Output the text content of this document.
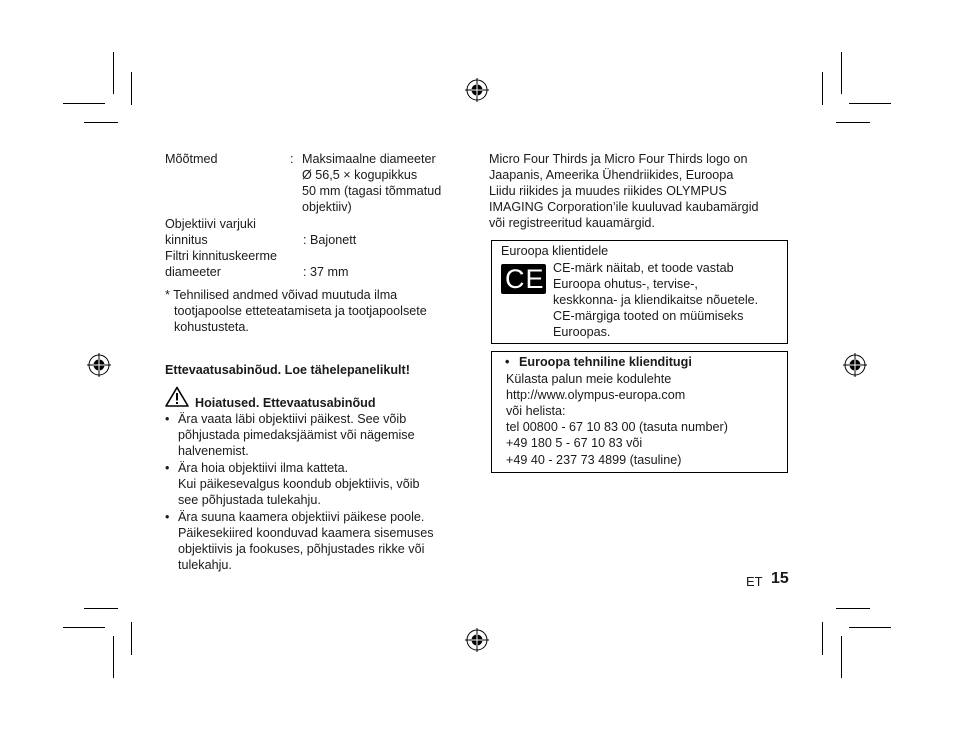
Mõõtmed	: Maksimaalne diameeter
Ø 56,5 × kogupikkus
50 mm (tagasi tõmmatud
objektiiv)
Objektiivi varjuki
kinnitus	: Bajonett
Filtri kinnituskeerme
diameeter	: 37 mm
* Tehnilised andmed võivad muutuda ilma
tootjapoolse etteteatamiseta ja tootjapoolsete
kohustusteta.
Ettevaatusabinõud. Loe tähelepanelikult!
Hoiatused. Ettevaatusabinõud
• Ära vaata läbi objektiivi päikest. See võib
põhjustada pimedaksjäämist või nägemise
halvenemist.
• Ära hoia objektiivi ilma katteta.
Kui päikesevalgus koondub objektiivis, võib
see põhjustada tulekahju.
• Ära suuna kaamera objektiivi päikese poole.
Päikesekiired koonduvad kaamera sisemuses
objektiivis ja fookuses, põhjustades rikke või
tulekahju.
Micro Four Thirds ja Micro Four Thirds logo on
Jaapanis, Ameerika Ühendriikides, Euroopa
Liidu riikides ja muudes riikides OLYMPUS
IMAGING Corporation’ile kuuluvad kaubamärgid
või registreeritud kauamärgid.
Euroopa klientidele
CE CE-märk näitab, et toode vastab
Euroopa ohutus-, tervise-,
keskkonna- ja kliendikaitse nõuetele.
CE-märgiga tooted on müümiseks
Euroopas.
• Euroopa tehniline klienditugi
Külasta palun meie kodulehte
http://www.olympus-europa.com
või helista:
tel 00800 - 67 10 83 00 (tasuta number)
+49 180 5 - 67 10 83 või
+49 40 - 237 73 4899 (tasuline)
ET 15
